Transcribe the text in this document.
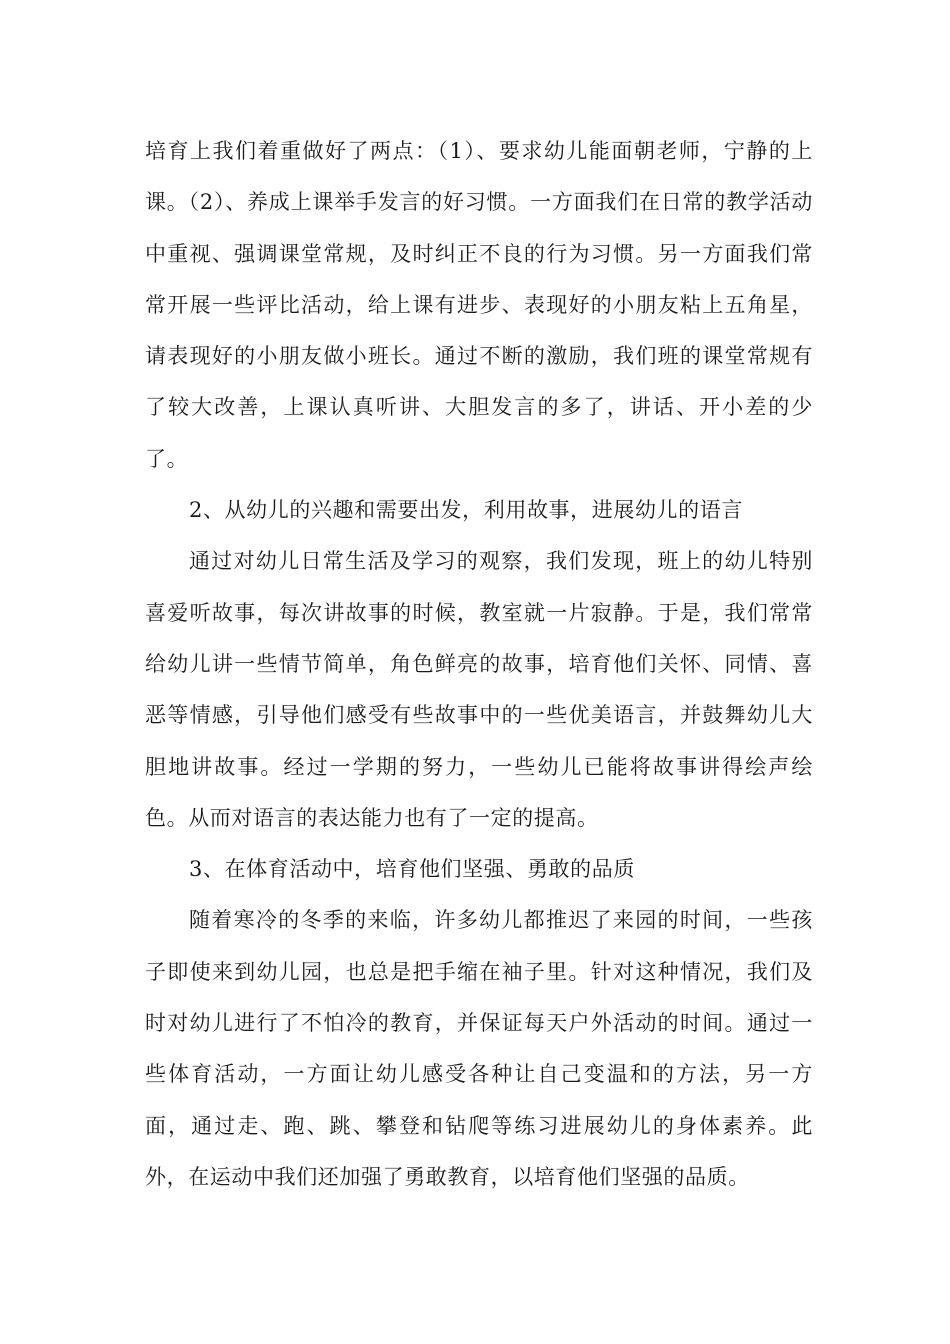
培育上我们着重做好了两点：（1）、要求幼儿能面朝老师，宁静的上课。（2）、养成上课举手发言的好习惯。一方面我们在日常的教学活动中重视、强调课堂常规，及时纠正不良的行为习惯。另一方面我们常常开展一些评比活动，给上课有进步、表现好的小朋友粘上五角星，请表现好的小朋友做小班长。通过不断的激励，我们班的课堂常规有了较大改善，上课认真听讲、大胆发言的多了，讲话、开小差的少了。

2、从幼儿的兴趣和需要出发，利用故事，进展幼儿的语言

通过对幼儿日常生活及学习的观察，我们发现，班上的幼儿特别喜爱听故事，每次讲故事的时候，教室就一片寂静。于是，我们常常给幼儿讲一些情节简单，角色鲜亮的故事，培育他们关怀、同情、喜恶等情感，引导他们感受有些故事中的一些优美语言，并鼓舞幼儿大胆地讲故事。经过一学期的努力，一些幼儿已能将故事讲得绘声绘色。从而对语言的表达能力也有了一定的提高。

3、在体育活动中，培育他们坚强、勇敢的品质

随着寒冷的冬季的来临，许多幼儿都推迟了来园的时间，一些孩子即使来到幼儿园，也总是把手缩在袖子里。针对这种情况，我们及时对幼儿进行了不怕冷的教育，并保证每天户外活动的时间。通过一些体育活动，一方面让幼儿感受各种让自己变温和的方法，另一方面，通过走、跑、跳、攀登和钻爬等练习进展幼儿的身体素养。此外，在运动中我们还加强了勇敢教育，以培育他们坚强的品质。
